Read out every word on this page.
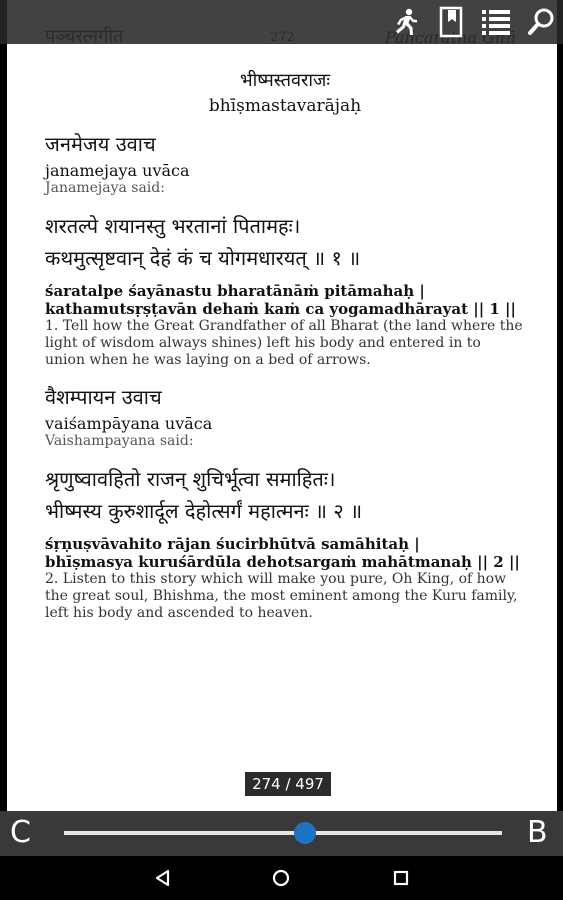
भीष्मस्तवराजः
bhīṣmastavarājaḥ
जनमेजय उवाच
janamejaya uvāca
Janamejaya said:
शरतल्पे शयानस्तु भरतानां पितामहः।
कथमुत्सृष्टवान् देहं कं च योगमधारयत् ॥ १ ॥
śaratalpe śayānastu bharatānāṁ pitāmahaḥ |
kathamutsṛṣṭavān dehaṁ kaṁ ca yogamadhārayat || 1 ||
1. Tell how the Great Grandfather of all Bharat (the land where the light of wisdom always shines) left his body and entered in to union when he was laying on a bed of arrows.
वैशम्पायन उवाच
vaiśampāyana uvāca
Vaishampayana said:
श्रृणुष्वावहितो राजन् शुचिर्भूत्वा समाहितः।
भीष्मस्य कुरुशार्दूल देहोत्सर्गं महात्मनः ॥ २ ॥
śṛṇuṣvāvahito rājan śucirbhūtvā samāhitaḥ |
bhīṣmasya kuruśārdūla dehotsargaṁ mahātmanaḥ || 2 ||
2. Listen to this story which will make you pure, Oh King, of how the great soul, Bhishma, the most eminent among the Kuru family, left his body and ascended to heaven.
274 / 497
C	B
